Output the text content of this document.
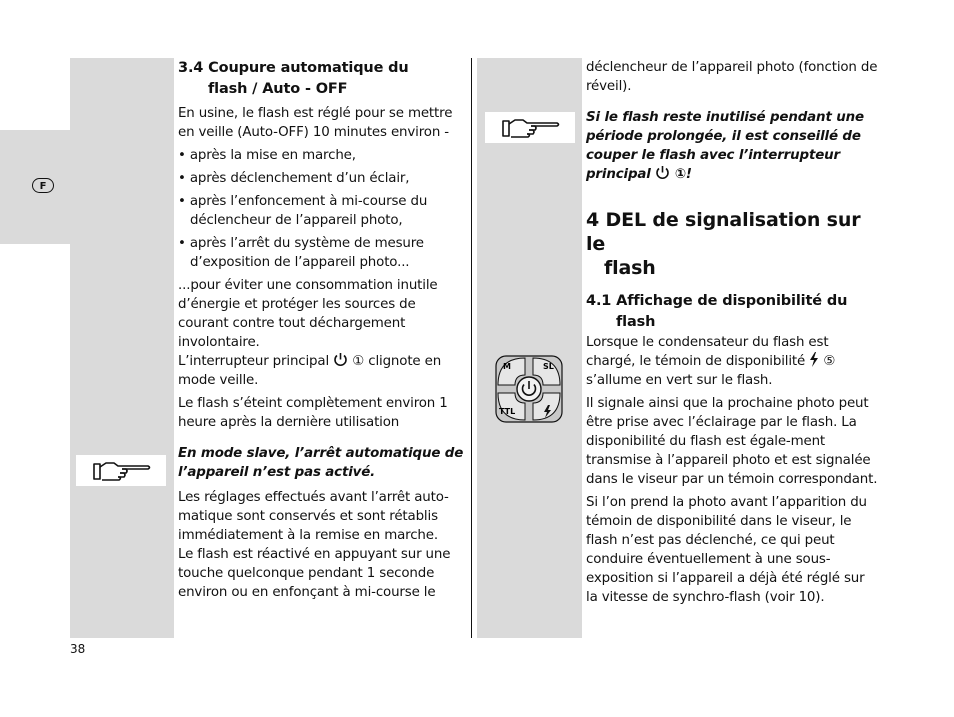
F
M	SL
TTL
3.4 Coupure automatique du
flash / Auto - OFF

En usine, le flash est réglé pour se mettre en veille (Auto-OFF) 10 minutes environ -

• après la mise en marche,

• après déclenchement d’un éclair,

• après l’enfoncement à mi-course du déclencheur de l’appareil photo,

• après l’arrêt du système de mesure d’exposition de l’appareil photo...

...pour éviter une consommation inutile d’énergie et protéger les sources de courant contre tout déchargement involontaire.

L’interrupteur principal ① clignote en mode veille.

Le flash s’éteint complètement environ 1 heure après la dernière utilisation

En mode slave, l’arrêt automatique de l’appareil n’est pas activé.

Les réglages effectués avant l’arrêt auto-matique sont conservés et sont rétablis immédiatement à la remise en marche.

Le flash est réactivé en appuyant sur une touche quelconque pendant 1 seconde environ ou en enfonçant à mi-course le

déclencheur de l’appareil photo (fonction de réveil).

Si le flash reste inutilisé pendant une période prolongée, il est conseillé de couper le flash avec l’interrupteur principal ①!

4 DEL de signalisation sur le
flash
4.1 Affichage de disponibilité du
flash

Lorsque le condensateur du flash est chargé, le témoin de disponibilité ⑤ s’allume en vert sur le flash.

Il signale ainsi que la prochaine photo peut être prise avec l’éclairage par le flash. La disponibilité du flash est égale-ment transmise à l’appareil photo et est signalée dans le viseur par un témoin correspondant.

Si l’on prend la photo avant l’apparition du témoin de disponibilité dans le viseur, le flash n’est pas déclenché, ce qui peut conduire éventuellement à une sous-exposition si l’appareil a déjà été réglé sur la vitesse de synchro-flash (voir 10).

38
